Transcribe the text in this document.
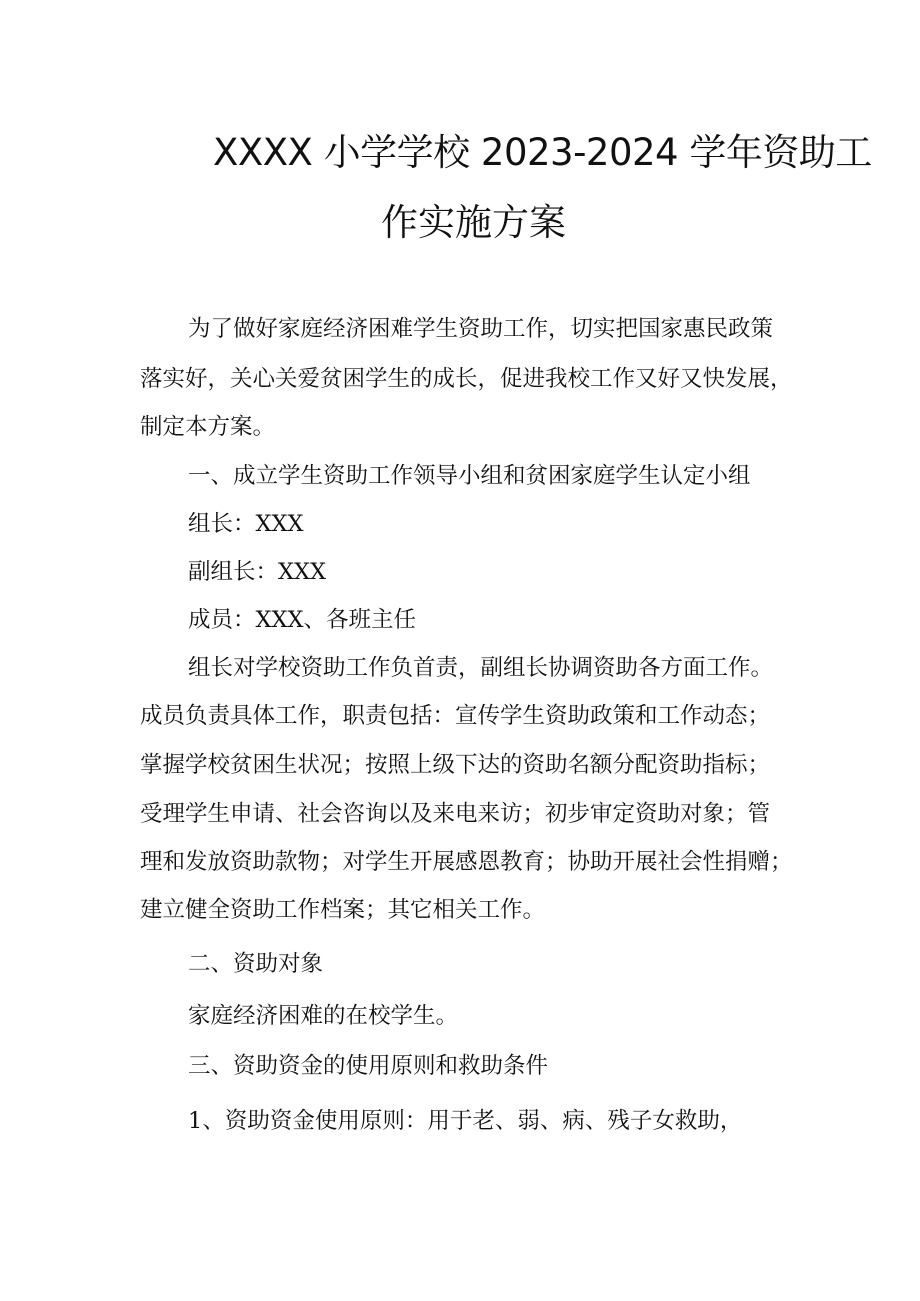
XXXX 小学学校 2023-2024 学年资助工
作实施方案
为了做好家庭经济困难学生资助工作，切实把国家惠民政策
落实好，关心关爱贫困学生的成长，促进我校工作又好又快发展，
制定本方案。
一、成立学生资助工作领导小组和贫困家庭学生认定小组
组长：XXX
副组长：XXX
成员：XXX、各班主任
组长对学校资助工作负首责，副组长协调资助各方面工作。
成员负责具体工作，职责包括：宣传学生资助政策和工作动态；
掌握学校贫困生状况；按照上级下达的资助名额分配资助指标；
受理学生申请、社会咨询以及来电来访；初步审定资助对象；管
理和发放资助款物；对学生开展感恩教育；协助开展社会性捐赠；
建立健全资助工作档案；其它相关工作。
二、资助对象
家庭经济困难的在校学生。
三、资助资金的使用原则和救助条件
1、资助资金使用原则：用于老、弱、病、残子女救助，
